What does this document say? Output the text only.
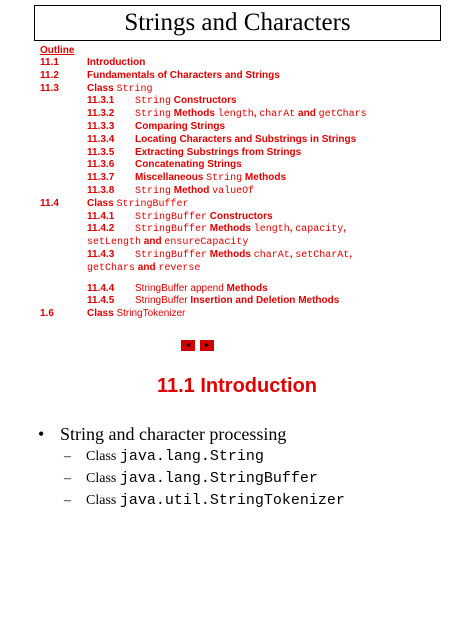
Strings and Characters
Outline
11.1	Introduction
11.2	Fundamentals of Characters and Strings
11.3	Class String
11.3.1 String Constructors
11.3.2 String Methods length, charAt and getChars
11.3.3 Comparing Strings
11.3.4 Locating Characters and Substrings in Strings
11.3.5 Extracting Substrings from Strings
11.3.6 Concatenating Strings
11.3.7 Miscellaneous String Methods
11.3.8 String Method valueOf
11.4	Class StringBuffer
11.4.1 StringBuffer Constructors
11.4.2 StringBuffer Methods length, capacity,
setLength and ensureCapacity
11.4.3 StringBuffer Methods charAt, setCharAt,
getChars and reverse
11.4.4 StringBuffer append Methods
11.4.5 StringBuffer Insertion and Deletion Methods
1.6	Class StringTokenizer
◄	►
11.1 Introduction
• String and character processing
– Class java.lang.String
– Class java.lang.StringBuffer
– Class java.util.StringTokenizer
